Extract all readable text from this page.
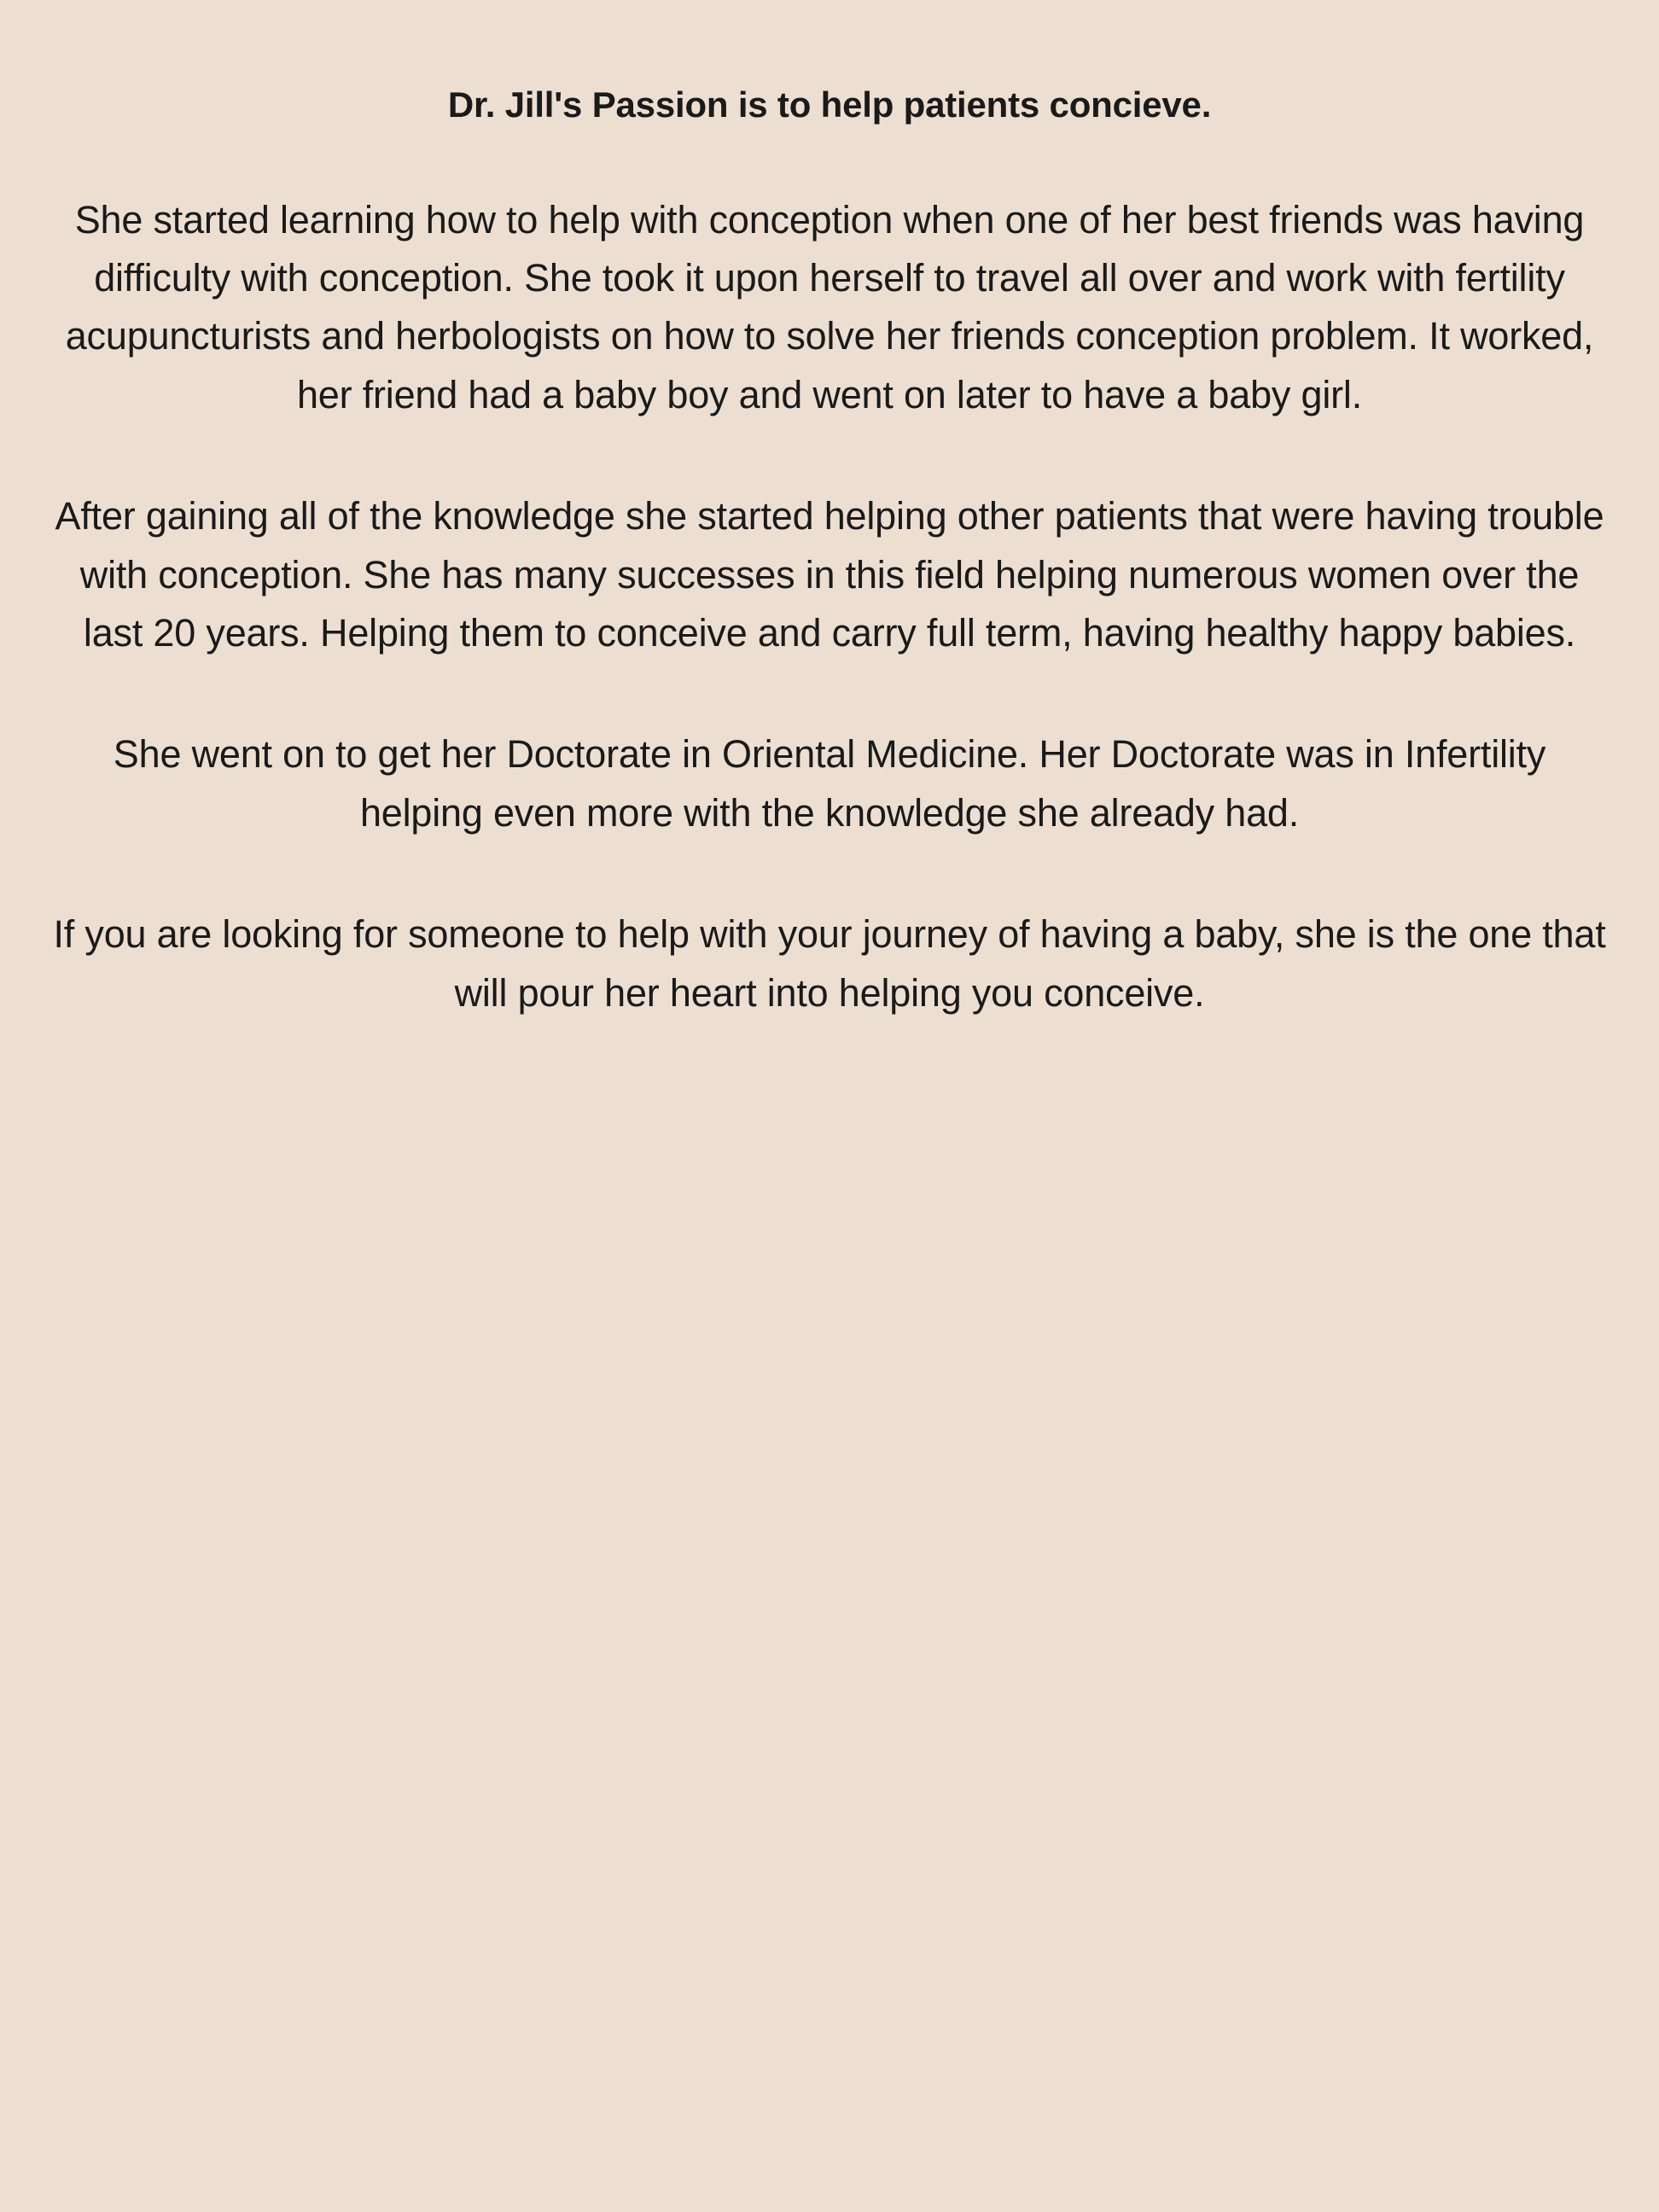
Dr. Jill's Passion is to help patients concieve.

She started learning how to help with conception when one of her best friends was having difficulty with conception. She took it upon herself to travel all over and work with fertility acupuncturists and herbologists on how to solve her friends conception problem. It worked, her friend had a baby boy and went on later to have a baby girl.

After gaining all of the knowledge she started helping other patients that were having trouble with conception. She has many successes in this field helping numerous women over the last 20 years. Helping them to conceive and carry full term, having healthy happy babies.

She went on to get her Doctorate in Oriental Medicine. Her Doctorate was in Infertility helping even more with the knowledge she already had.

If you are looking for someone to help with your journey of having a baby, she is the one that will pour her heart into helping you conceive.
